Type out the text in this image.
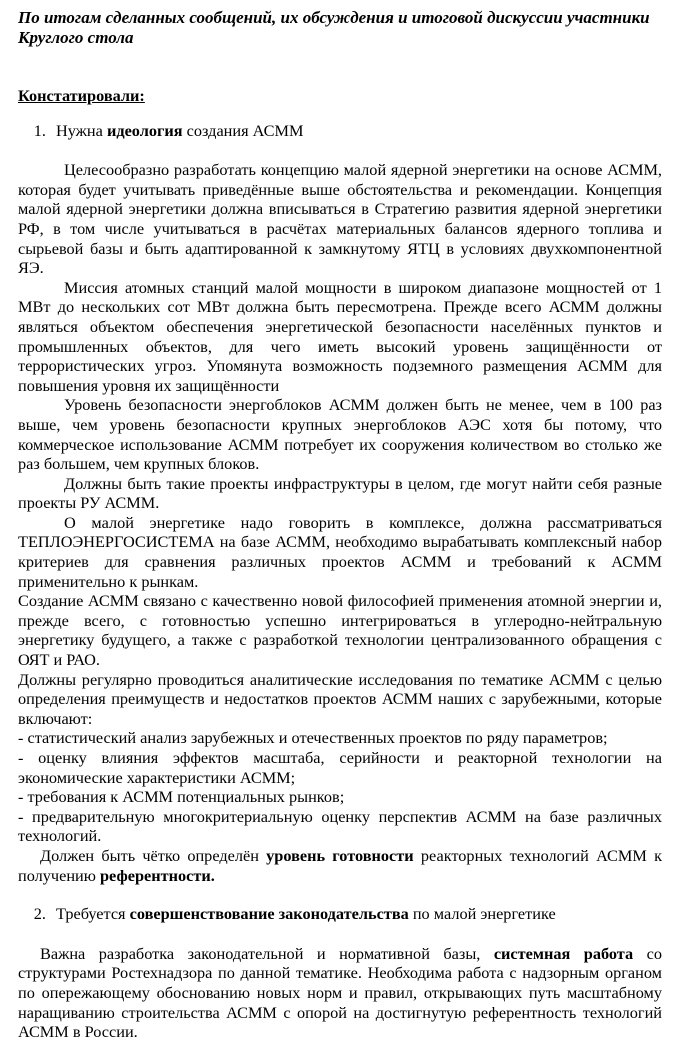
По итогам сделанных сообщений, их обсуждения и итоговой дискуссии участники Круглого стола
Констатировали:
1. Нужна идеология создания АСММ

Целесообразно разработать концепцию малой ядерной энергетики на основе АСММ, которая будет учитывать приведённые выше обстоятельства и рекомендации. Концепция малой ядерной энергетики должна вписываться в Стратегию развития ядерной энергетики РФ, в том числе учитываться в расчётах материальных балансов ядерного топлива и сырьевой базы и быть адаптированной к замкнутому ЯТЦ в условиях двухкомпонентной ЯЭ.

Миссия атомных станций малой мощности в широком диапазоне мощностей от 1 МВт до нескольких сот МВт должна быть пересмотрена. Прежде всего АСММ должны являться объектом обеспечения энергетической безопасности населённых пунктов и промышленных объектов, для чего иметь высокий уровень защищённости от террористических угроз. Упомянута возможность подземного размещения АСММ для повышения уровня их защищённости

Уровень безопасности энергоблоков АСММ должен быть не менее, чем в 100 раз выше, чем уровень безопасности крупных энергоблоков АЭС хотя бы потому, что коммерческое использование АСММ потребует их сооружения количеством во столько же раз большем, чем крупных блоков.

Должны быть такие проекты инфраструктуры в целом, где могут найти себя разные проекты РУ АСММ.

О малой энергетике надо говорить в комплексе, должна рассматриваться ТЕПЛОЭНЕРГОСИСТЕМА на базе АСММ, необходимо вырабатывать комплексный набор критериев для сравнения различных проектов АСММ и требований к АСММ применительно к рынкам.

Создание АСММ связано с качественно новой философией применения атомной энергии и, прежде всего, с готовностью успешно интегрироваться в углеродно-нейтральную энергетику будущего, а также с разработкой технологии централизованного обращения с ОЯТ и РАО.

Должны регулярно проводиться аналитические исследования по тематике АСММ с целью определения преимуществ и недостатков проектов АСММ наших с зарубежными, которые включают:

- статистический анализ зарубежных и отечественных проектов по ряду параметров;

- оценку влияния эффектов масштаба, серийности и реакторной технологии на экономические характеристики АСММ;

- требования к АСММ потенциальных рынков;

- предварительную многокритериальную оценку перспектив АСММ на базе различных технологий.

Должен быть чётко определён уровень готовности реакторных технологий АСММ к получению референтности.

2. Требуется совершенствование законодательства по малой энергетике

Важна разработка законодательной и нормативной базы, системная работа со структурами Ростехнадзора по данной тематике. Необходима работа с надзорным органом по опережающему обоснованию новых норм и правил, открывающих путь масштабному наращиванию строительства АСММ с опорой на достигнутую референтность технологий АСММ в России.
